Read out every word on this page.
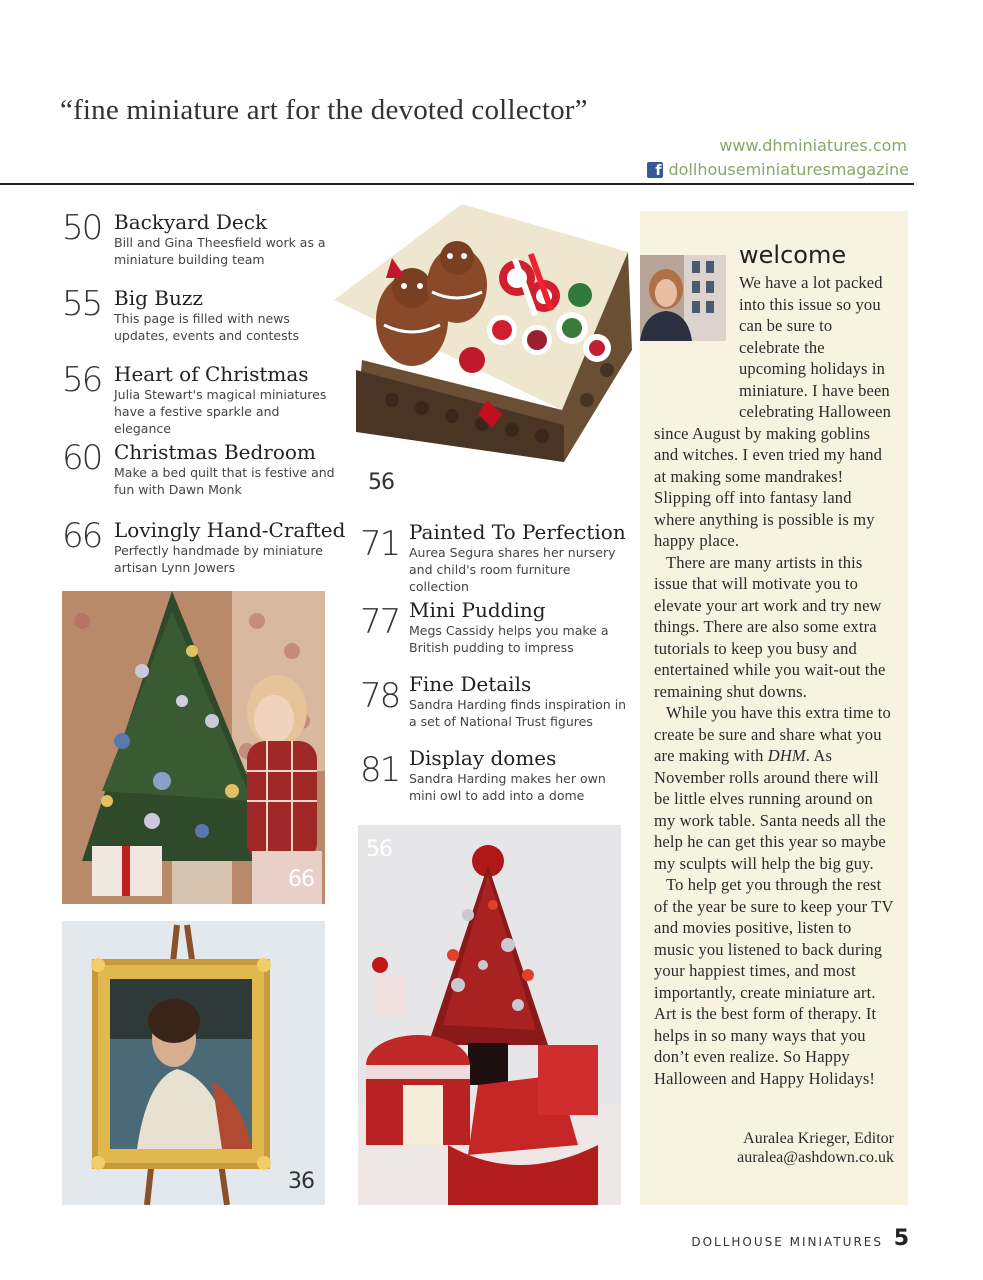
“fine miniature art for the devoted collector”
www.dhminiatures.com
f dollhouseminiaturesmagazine
50 Backyard Deck
Bill and Gina Theesfield work as a miniature building team
55 Big Buzz
This page is filled with news updates, events and contests
56 Heart of Christmas
Julia Stewart's magical miniatures have a festive sparkle and elegance
60 Christmas Bedroom
Make a bed quilt that is festive and fun with Dawn Monk
66 Lovingly Hand-Crafted
Perfectly handmade by miniature artisan Lynn Jowers
56
71 Painted To Perfection
Aurea Segura shares her nursery and child's room furniture collection
77 Mini Pudding
Megs Cassidy helps you make a British pudding to impress
78 Fine Details
Sandra Harding finds inspiration in a set of National Trust figures
81 Display domes
Sandra Harding makes her own mini owl to add into a dome
66
36
56
welcome

We have a lot packed into this issue so you can be sure to celebrate the upcoming holidays in miniature. I have been celebrating Halloween since August by making goblins and witches. I even tried my hand at making some mandrakes! Slipping off into fantasy land where anything is possible is my happy place.

There are many artists in this issue that will motivate you to elevate your art work and try new things. There are also some extra tutorials to keep you busy and entertained while you wait-out the remaining shut downs.

While you have this extra time to create be sure and share what you are making with DHM. As November rolls around there will be little elves running around on my work table. Santa needs all the help he can get this year so maybe my sculpts will help the big guy.

To help get you through the rest of the year be sure to keep your TV and movies positive, listen to music you listened to back during your happiest times, and most importantly, create miniature art. Art is the best form of therapy. It helps in so many ways that you don’t even realize. So Happy Halloween and Happy Holidays!

Auralea Krieger, Editor
auralea@ashdown.co.uk
DOLLHOUSE MINIATURES 5
